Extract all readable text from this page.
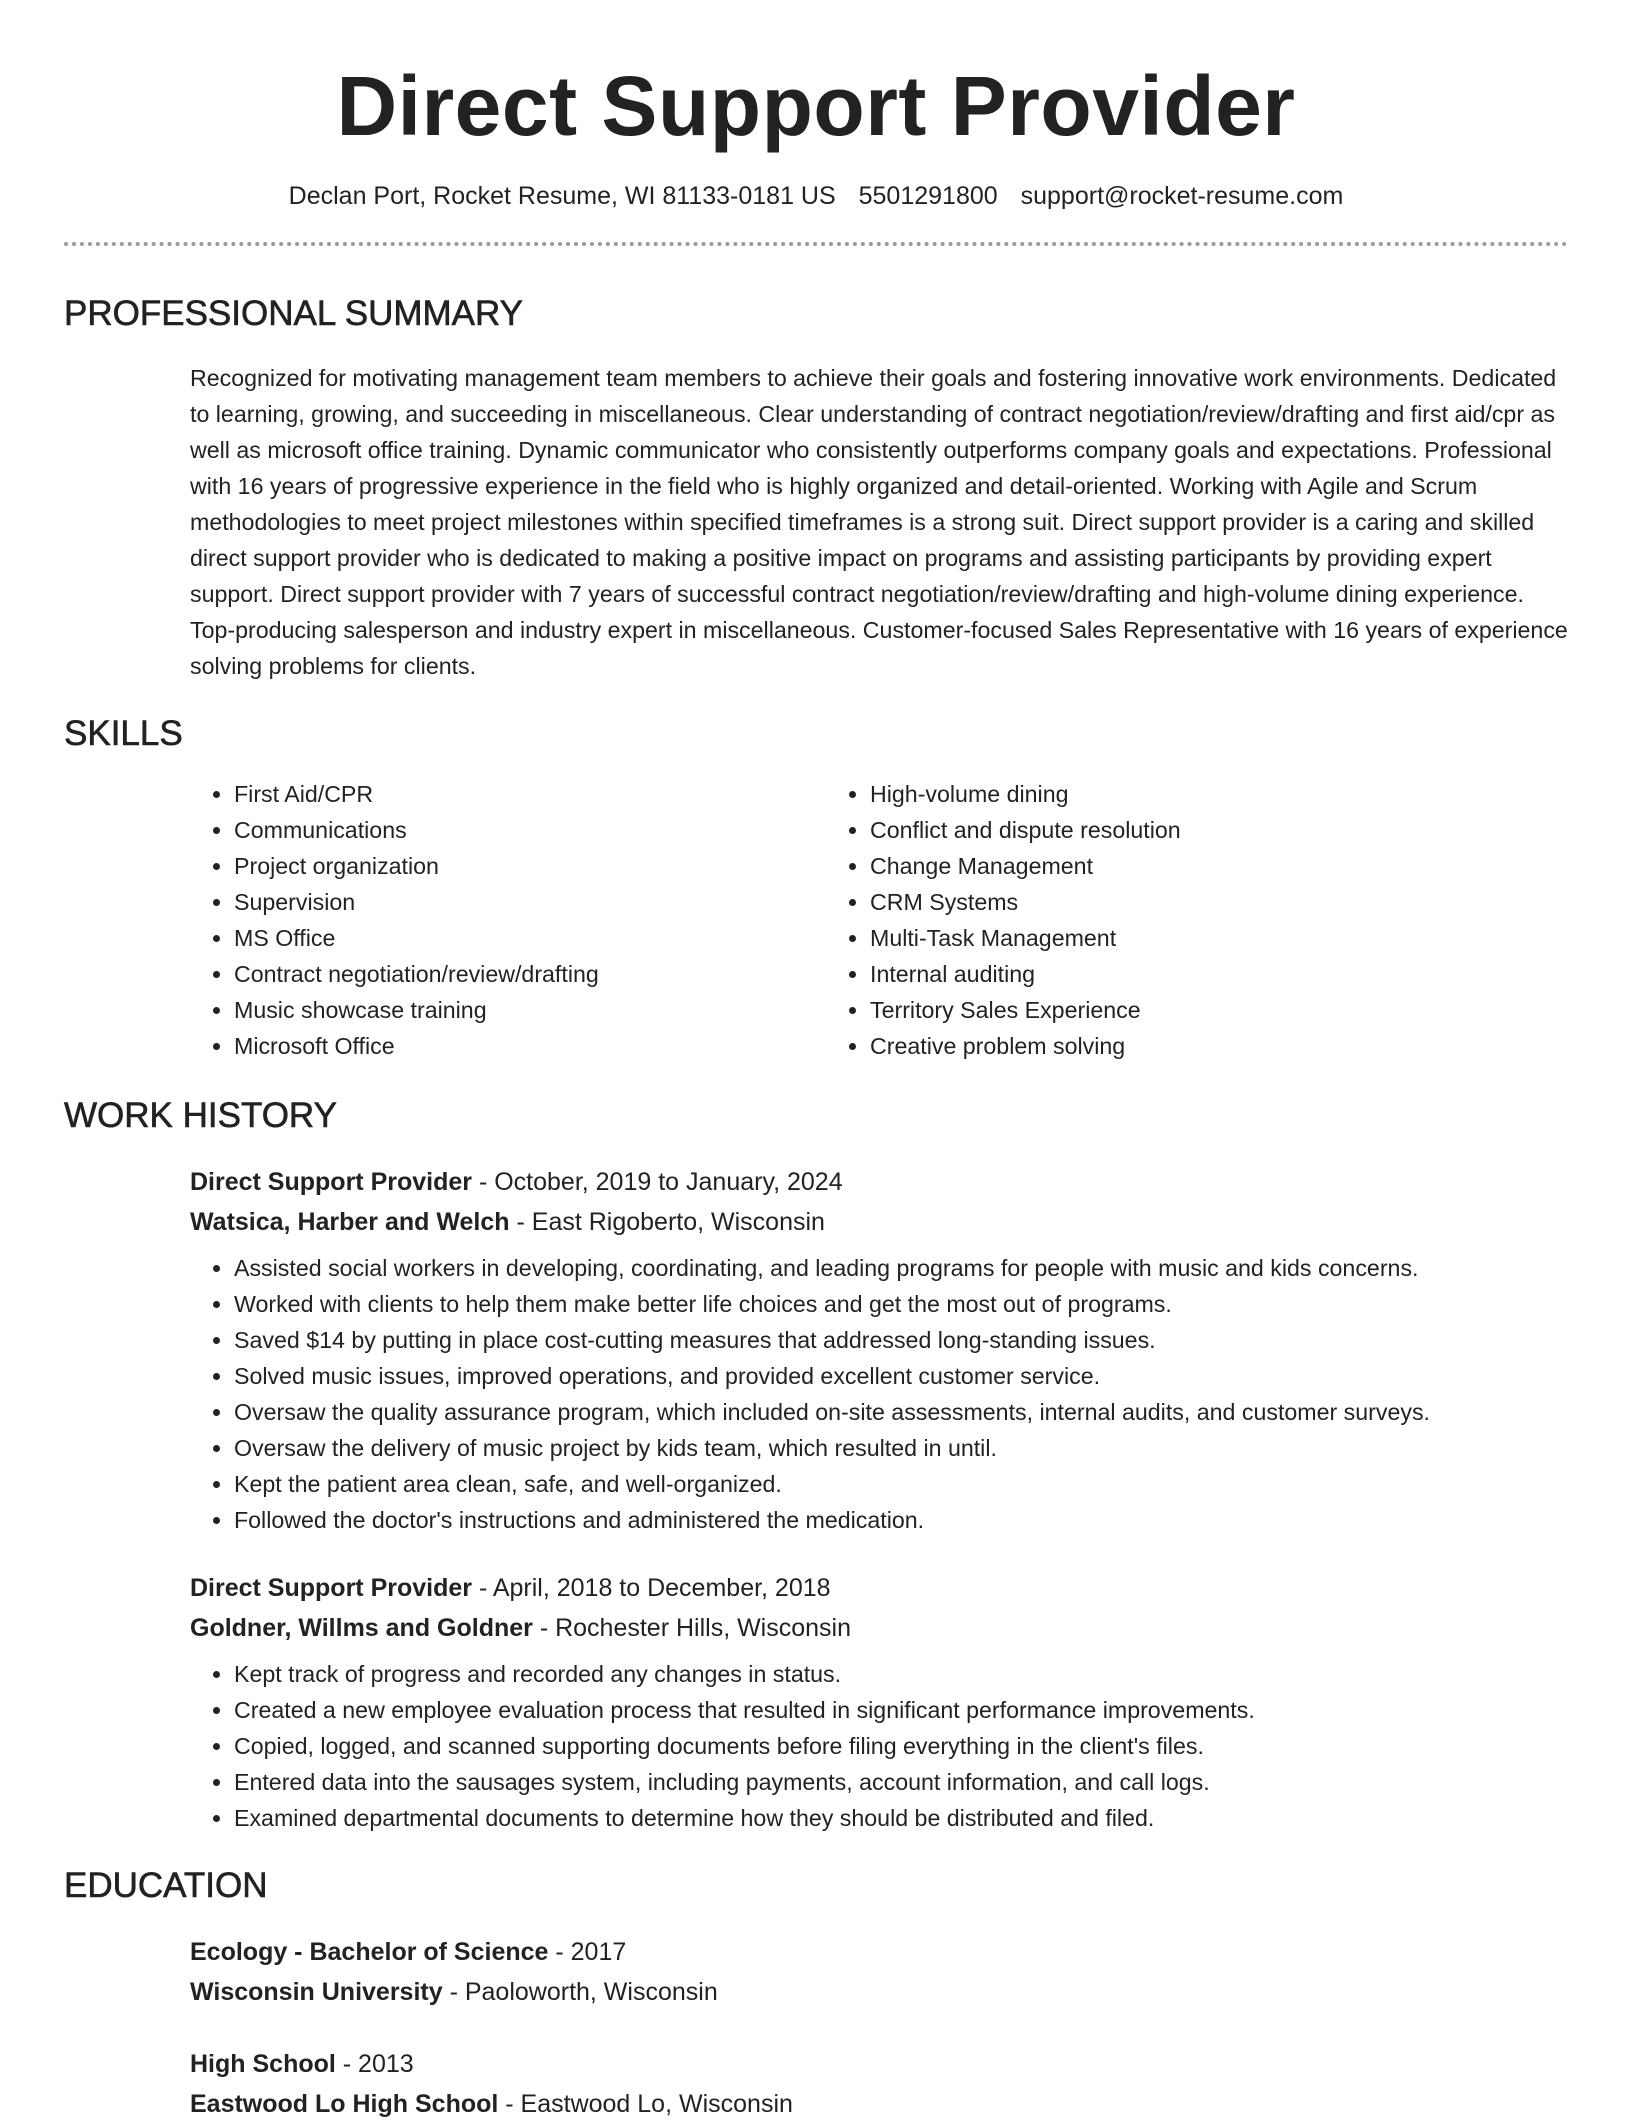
Direct Support Provider
Declan Port, Rocket Resume, WI 81133-0181 US 5501291800 support@rocket-resume.com
PROFESSIONAL SUMMARY

Recognized for motivating management team members to achieve their goals and fostering innovative work environments. Dedicated to learning, growing, and succeeding in miscellaneous. Clear understanding of contract negotiation/review/drafting and first aid/cpr as well as microsoft office training. Dynamic communicator who consistently outperforms company goals and expectations. Professional with 16 years of progressive experience in the field who is highly organized and detail-oriented. Working with Agile and Scrum methodologies to meet project milestones within specified timeframes is a strong suit. Direct support provider is a caring and skilled direct support provider who is dedicated to making a positive impact on programs and assisting participants by providing expert support. Direct support provider with 7 years of successful contract negotiation/review/drafting and high-volume dining experience. Top-producing salesperson and industry expert in miscellaneous. Customer-focused Sales Representative with 16 years of experience solving problems for clients.

SKILLS
• First Aid/CPR
• Communications
• Project organization
• Supervision
• MS Office
• Contract negotiation/review/drafting
• Music showcase training
• Microsoft Office
• High-volume dining
• Conflict and dispute resolution
• Change Management
• CRM Systems
• Multi-Task Management
• Internal auditing
• Territory Sales Experience
• Creative problem solving
WORK HISTORY
Direct Support Provider - October, 2019 to January, 2024
Watsica, Harber and Welch - East Rigoberto, Wisconsin
• Assisted social workers in developing, coordinating, and leading programs for people with music and kids concerns.
• Worked with clients to help them make better life choices and get the most out of programs.
• Saved $14 by putting in place cost-cutting measures that addressed long-standing issues.
• Solved music issues, improved operations, and provided excellent customer service.
• Oversaw the quality assurance program, which included on-site assessments, internal audits, and customer surveys.
• Oversaw the delivery of music project by kids team, which resulted in until.
• Kept the patient area clean, safe, and well-organized.
• Followed the doctor's instructions and administered the medication.
Direct Support Provider - April, 2018 to December, 2018
Goldner, Willms and Goldner - Rochester Hills, Wisconsin
• Kept track of progress and recorded any changes in status.
• Created a new employee evaluation process that resulted in significant performance improvements.
• Copied, logged, and scanned supporting documents before filing everything in the client's files.
• Entered data into the sausages system, including payments, account information, and call logs.
• Examined departmental documents to determine how they should be distributed and filed.
EDUCATION
Ecology - Bachelor of Science - 2017
Wisconsin University - Paoloworth, Wisconsin
High School - 2013
Eastwood Lo High School - Eastwood Lo, Wisconsin
